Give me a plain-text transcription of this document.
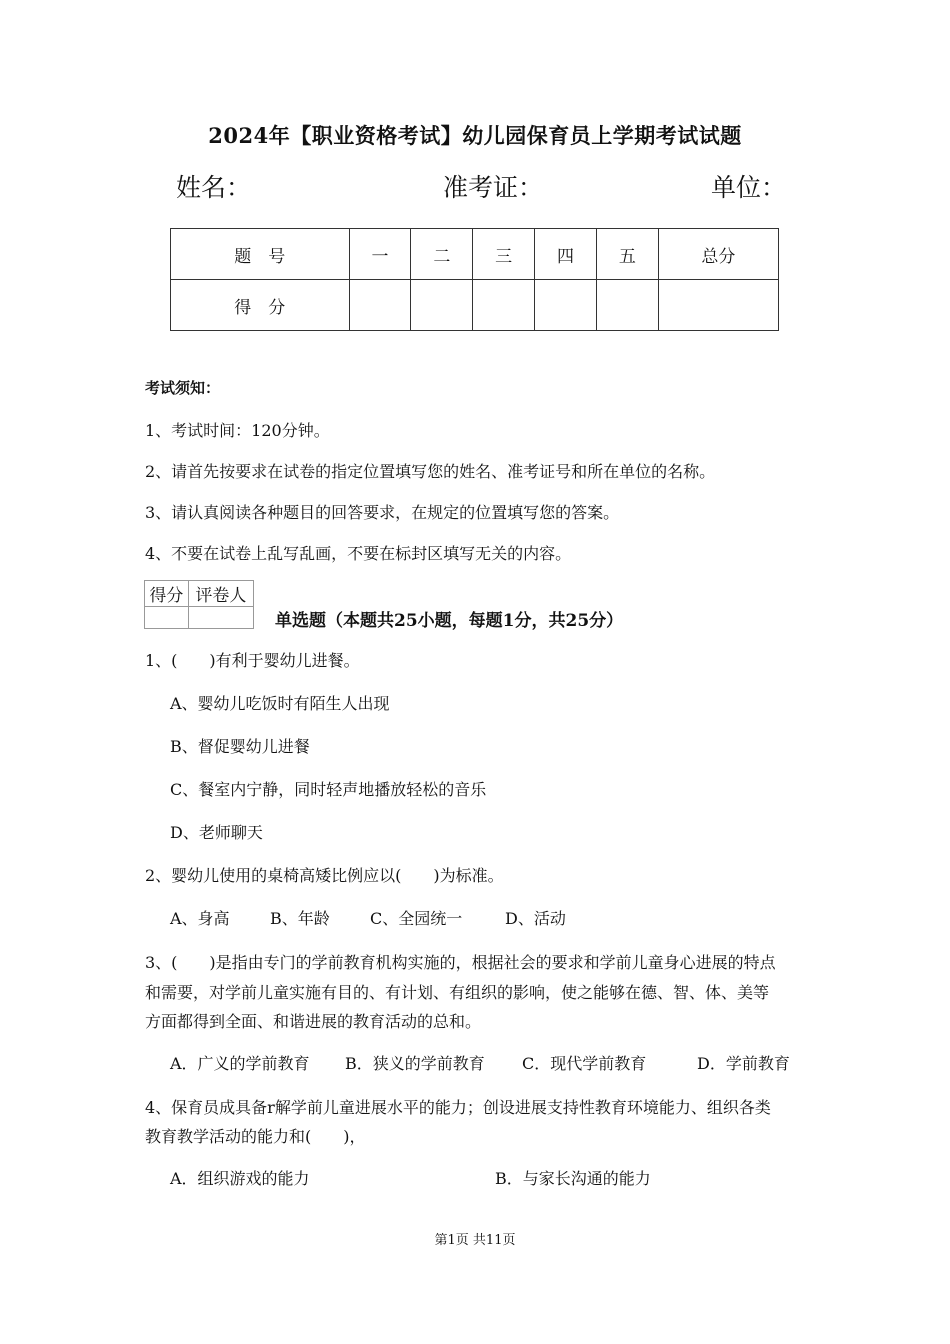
2024年【职业资格考试】幼儿园保育员上学期考试试题
姓名：	准考证：	单位：
题　号	一	二	三	四	五	总分
得　分						
考试须知：
1、考试时间：120分钟。
2、请首先按要求在试卷的指定位置填写您的姓名、准考证号和所在单位的名称。
3、请认真阅读各种题目的回答要求，在规定的位置填写您的答案。
4、不要在试卷上乱写乱画，不要在标封区填写无关的内容。
得分	评卷人

单选题（本题共25小题，每题1分，共25分）
1、(　　)有利于婴幼儿进餐。
A、婴幼儿吃饭时有陌生人出现
B、督促婴幼儿进餐
C、餐室内宁静，同时轻声地播放轻松的音乐
D、老师聊天
2、婴幼儿使用的桌椅高矮比例应以(　　)为标准。
A、身高	B、年龄	C、全园统一	D、活动
3、(　　)是指由专门的学前教育机构实施的，根据社会的要求和学前儿童身心进展的特点
和需要，对学前儿童实施有目的、有计划、有组织的影响，使之能够在德、智、体、美等
方面都得到全面、和谐进展的教育活动的总和。
A．广义的学前教育 B．狭义的学前教育 C．现代学前教育	D．学前教育
4、保育员成具备r解学前儿童进展水平的能力；创设进展支持性教育环境能力、组织各类
教育教学活动的能力和(　　)，
A．组织游戏的能力	B．与家长沟通的能力
第1页 共11页
